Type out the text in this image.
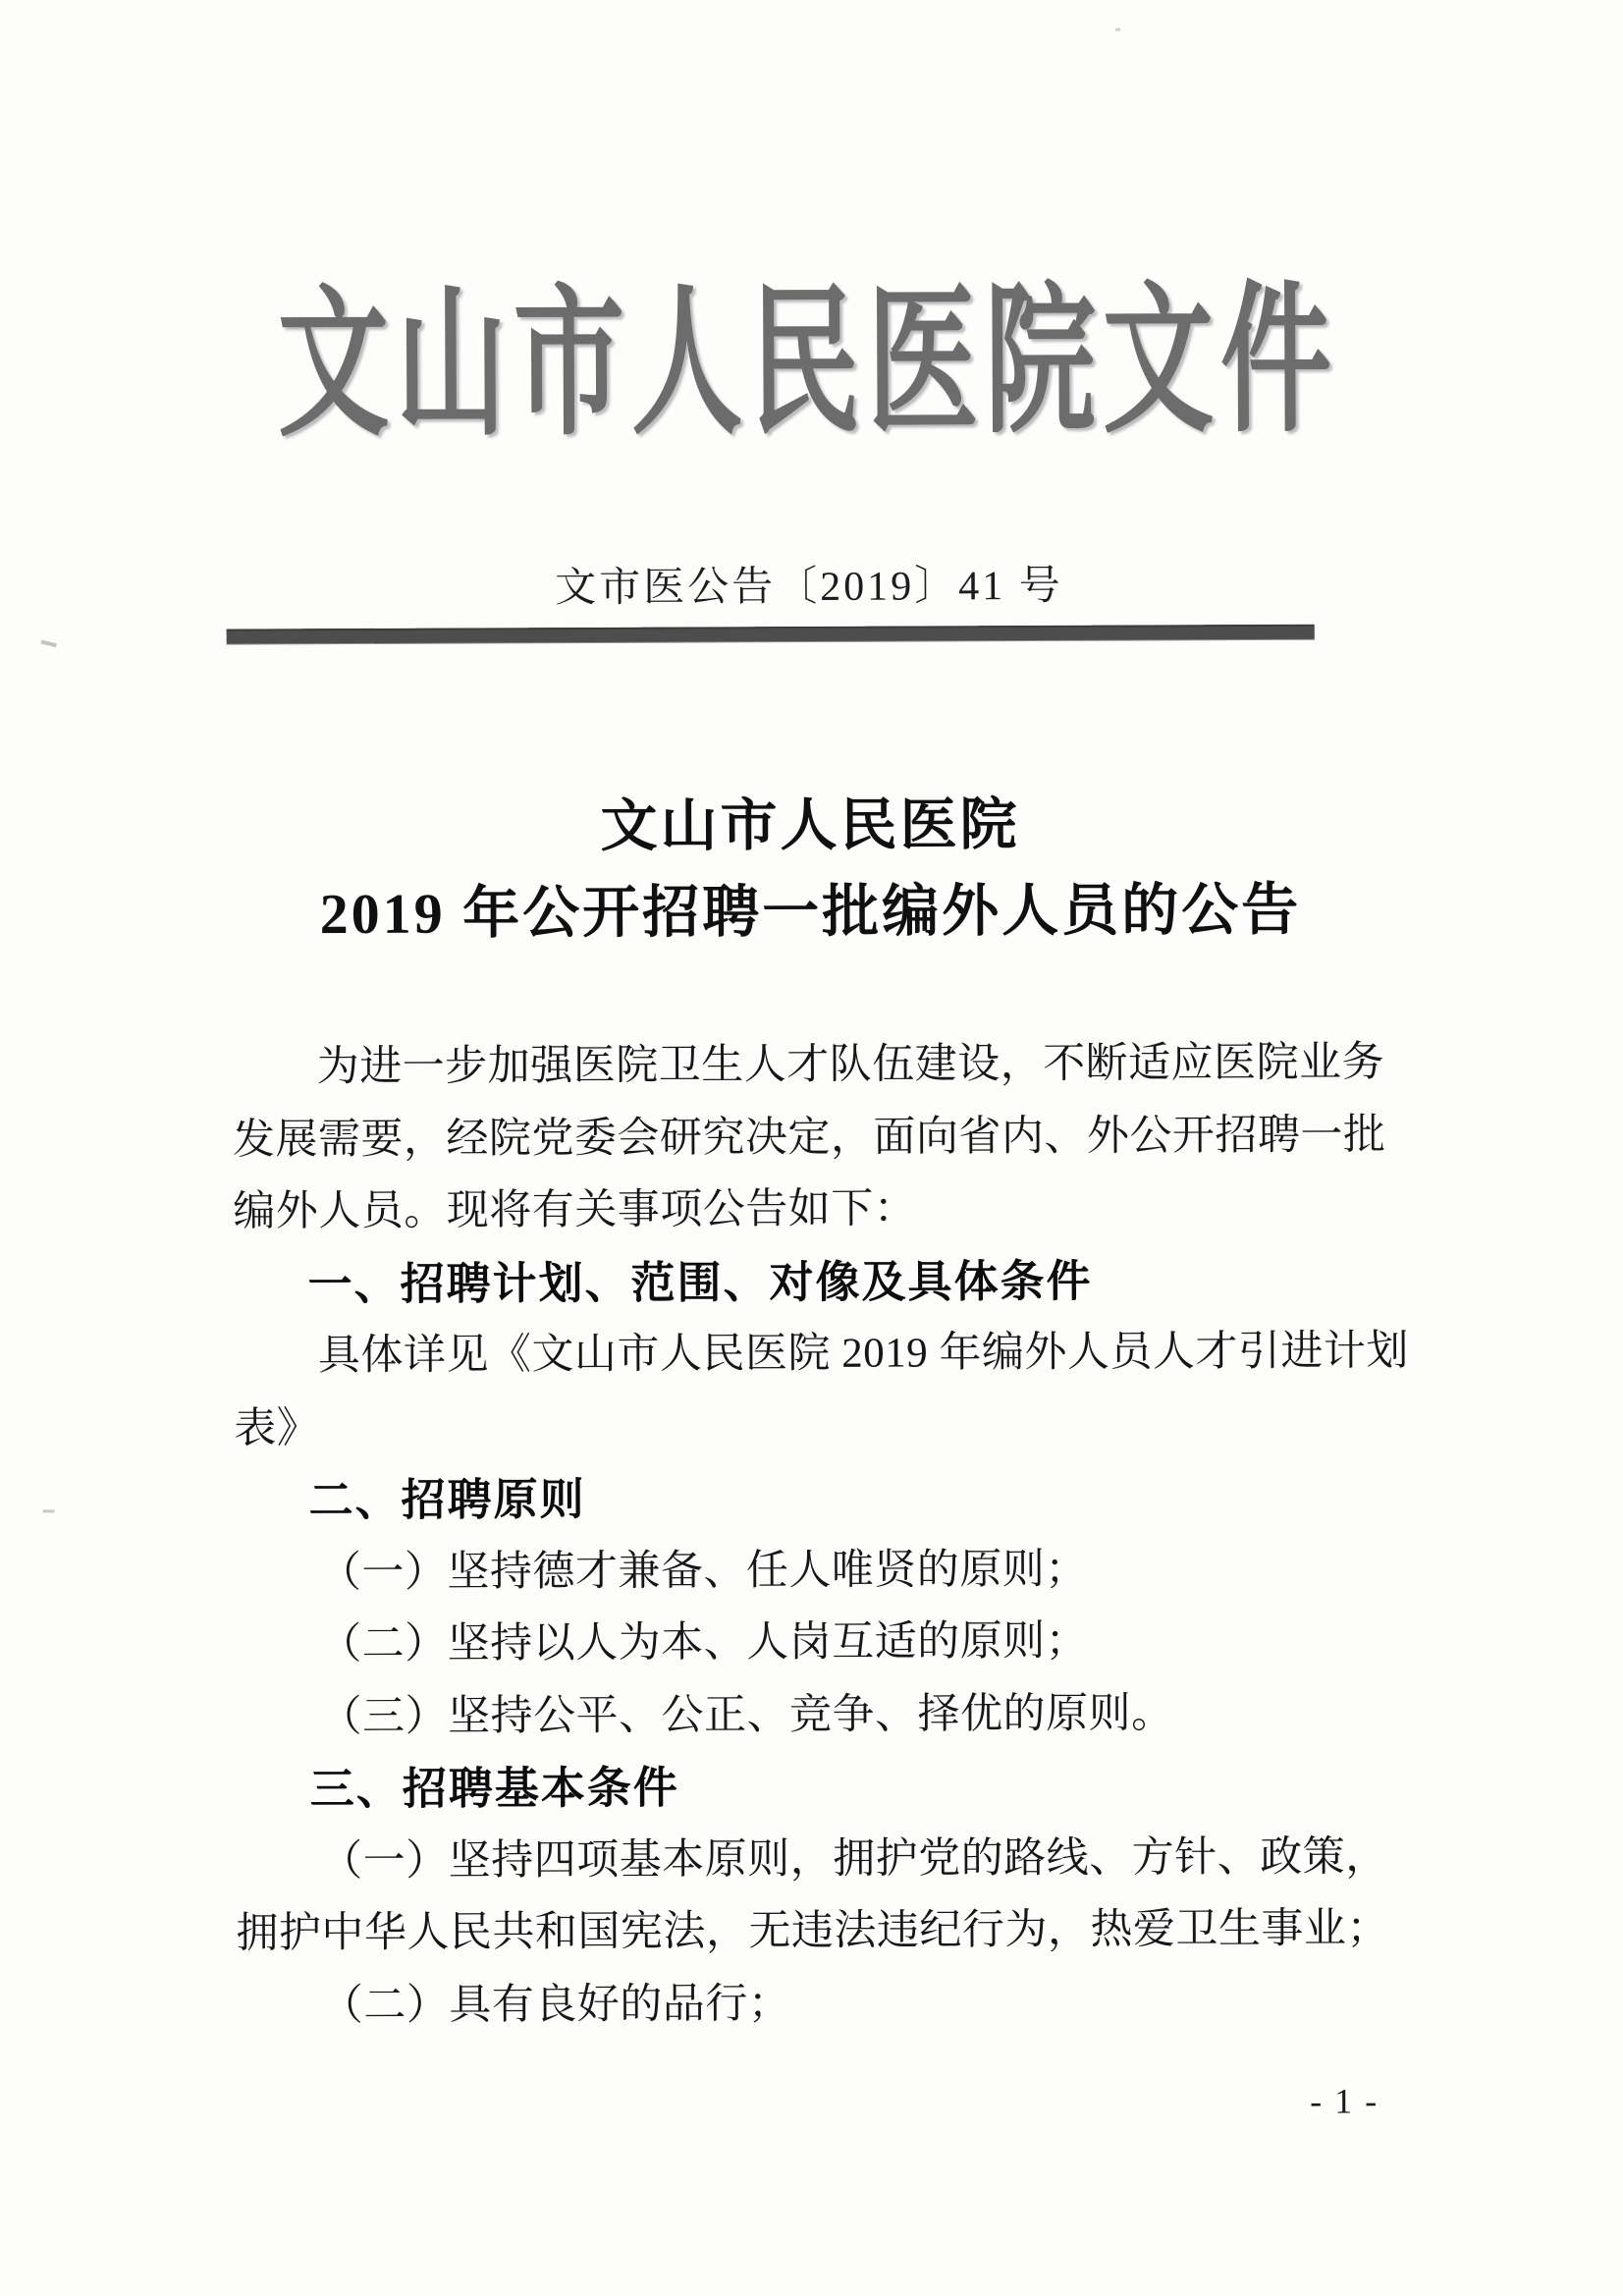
文山市人民医院文件
文市医公告〔2019〕41 号
文山市人民医院
2019 年公开招聘一批编外人员的公告
为进一步加强医院卫生人才队伍建设，不断适应医院业务
发展需要，经院党委会研究决定，面向省内、外公开招聘一批
编外人员。现将有关事项公告如下：
一、招聘计划、范围、对像及具体条件
具体详见《文山市人民医院 2019 年编外人员人才引进计划
表》
二、招聘原则
（一）坚持德才兼备、任人唯贤的原则；
（二）坚持以人为本、人岗互适的原则；
（三）坚持公平、公正、竞争、择优的原则。
三、招聘基本条件
（一）坚持四项基本原则，拥护党的路线、方针、政策，
拥护中华人民共和国宪法，无违法违纪行为，热爱卫生事业；
（二）具有良好的品行；
- 1 -
